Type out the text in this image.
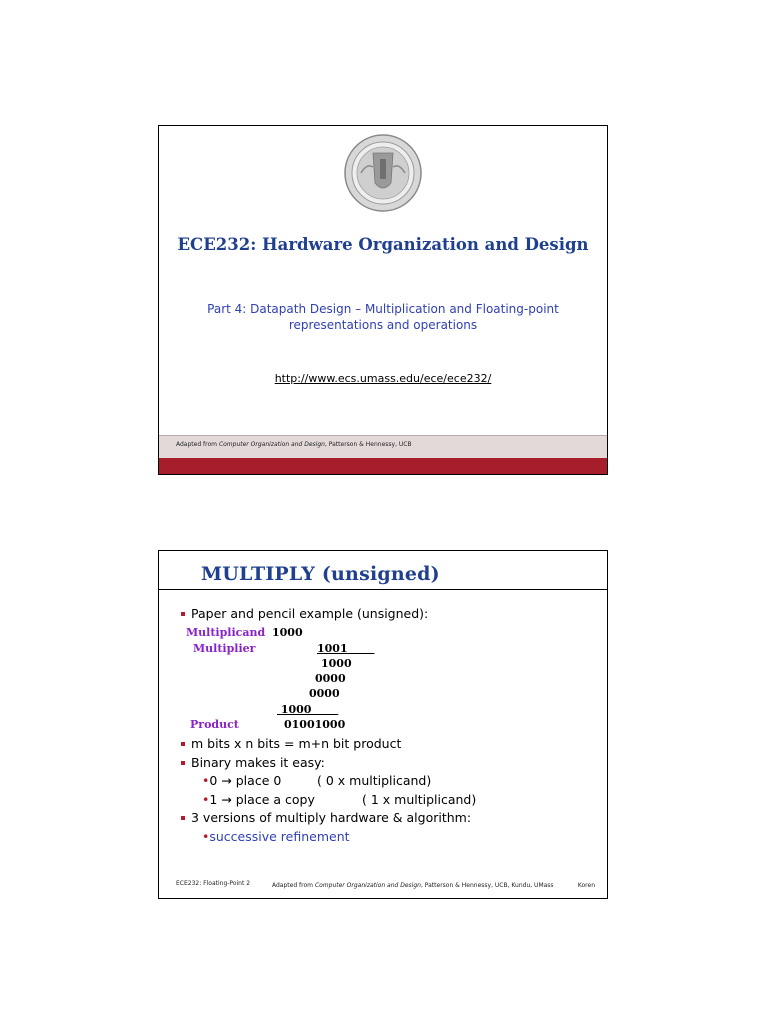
ECE232: Hardware Organization and Design
Part 4: Datapath Design – Multiplication and Floating-point
representations and operations
http://www.ecs.umass.edu/ece/ece232/
Adapted from Computer Organization and Design, Patterson & Hennessy, UCB
MULTIPLY (unsigned)
Paper and pencil example (unsigned):
Multiplicand 1000
Multiplier	1001
1000
0000
0000
1000
Product	01001000
m bits x n bits = m+n bit product
Binary makes it easy:
•0 → place 0	( 0 x multiplicand)
•1 → place a copy	( 1 x multiplicand)
3 versions of multiply hardware & algorithm:
•successive refinement
ECE232: Floating-Point 2	Adapted from Computer Organization and Design, Patterson & Hennessy, UCB, Kundu, UMass	Koren
